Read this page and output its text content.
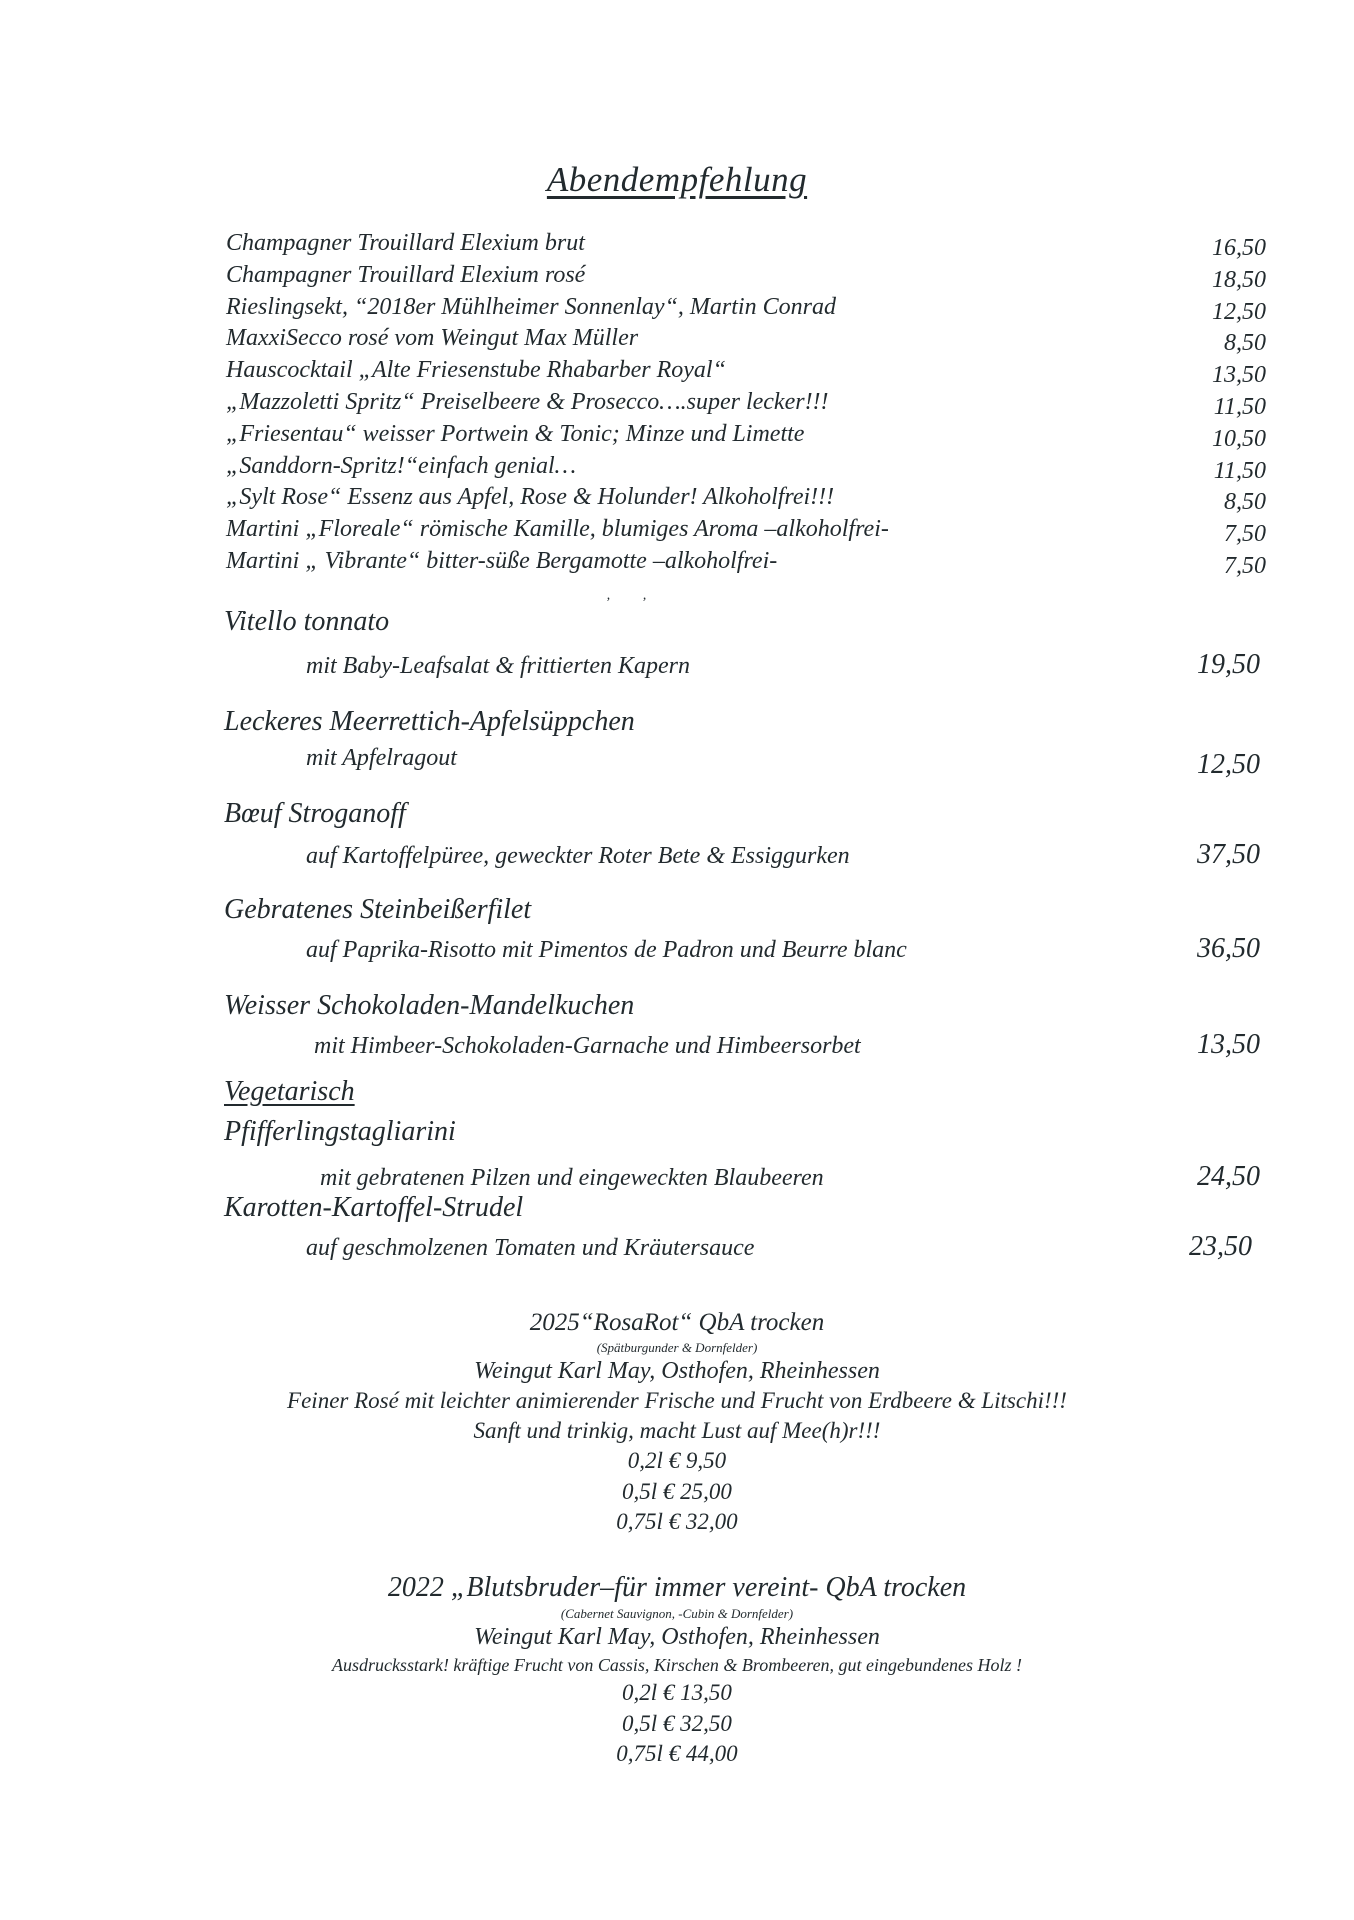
Abendempfehlung
Champagner Trouillard Elexium brut	16,50
Champagner Trouillard Elexium rosé	18,50
Rieslingsekt, “2018er Mühlheimer Sonnenlay“, Martin Conrad	12,50
MaxxiSecco rosé vom Weingut Max Müller	8,50
Hauscocktail „Alte Friesenstube Rhabarber Royal“	13,50
„Mazzoletti Spritz“ Preiselbeere & Prosecco….super lecker!!!	11,50
„Friesentau“ weisser Portwein & Tonic; Minze und Limette	10,50
„Sanddorn-Spritz!“einfach genial…	11,50
„Sylt Rose“ Essenz aus Apfel, Rose & Holunder! Alkoholfrei!!!	8,50
Martini „Floreale“ römische Kamille, blumiges Aroma –alkoholfrei-	7,50
Martini „ Vibrante“ bitter-süße Bergamotte –alkoholfrei-	7,50
‚ ‚
Vitello tonnato
mit Baby-Leafsalat & frittierten Kapern	19,50
Leckeres Meerrettich-Apfelsüppchen
mit Apfelragout	12,50
Bœuf Stroganoff
auf Kartoffelpüree, geweckter Roter Bete & Essiggurken	37,50
Gebratenes Steinbeißerfilet
auf Paprika-Risotto mit Pimentos de Padron und Beurre blanc	36,50
Weisser Schokoladen-Mandelkuchen
mit Himbeer-Schokoladen-Garnache und Himbeersorbet	13,50
Vegetarisch
Pfifferlingstagliarini
mit gebratenen Pilzen und eingeweckten Blaubeeren	24,50
Karotten-Kartoffel-Strudel
auf geschmolzenen Tomaten und Kräutersauce	23,50
2025“RosaRot“ QbA trocken
(Spätburgunder & Dornfelder)
Weingut Karl May, Osthofen, Rheinhessen
Feiner Rosé mit leichter animierender Frische und Frucht von Erdbeere & Litschi!!!
Sanft und trinkig, macht Lust auf Mee(h)r!!!
0,2l € 9,50
0,5l € 25,00
0,75l € 32,00
2022 „Blutsbruder–für immer vereint- QbA trocken
(Cabernet Sauvignon, -Cubin & Dornfelder)
Weingut Karl May, Osthofen, Rheinhessen
Ausdrucksstark! kräftige Frucht von Cassis, Kirschen & Brombeeren, gut eingebundenes Holz !
0,2l € 13,50
0,5l € 32,50
0,75l € 44,00
